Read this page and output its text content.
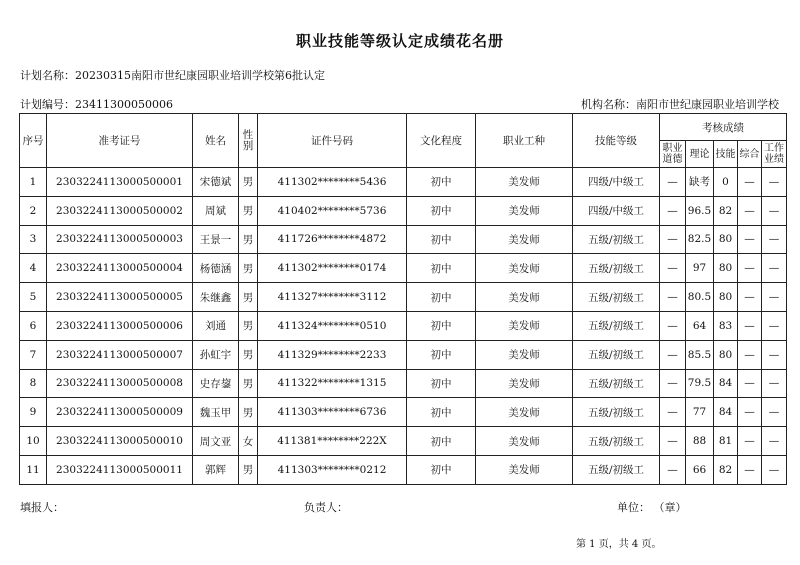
职业技能等级认定成绩花名册
计划名称：20230315南阳市世纪康园职业培训学校第6批认定
计划编号：23411300050006	机构名称：南阳市世纪康园职业培训学校
序号	准考证号	姓名	性别	证件号码	文化程度	职业工种	技能等级	考核成绩				
								职业道德	理论	技能	综合	工作业绩
1	2303224113000500001	宋德斌	男	411302********5436	初中	美发师	四级/中级工	—	缺考	0	—	—
2	2303224113000500002	周斌	男	410402********5736	初中	美发师	四级/中级工	—	96.5	82	—	—
3	2303224113000500003	王景一	男	411726********4872	初中	美发师	五级/初级工	—	82.5	80	—	—
4	2303224113000500004	杨德涵	男	411302********0174	初中	美发师	五级/初级工	—	97	80	—	—
5	2303224113000500005	朱继鑫	男	411327********3112	初中	美发师	五级/初级工	—	80.5	80	—	—
6	2303224113000500006	刘通	男	411324********0510	初中	美发师	五级/初级工	—	64	83	—	—
7	2303224113000500007	孙虹宇	男	411329********2233	初中	美发师	五级/初级工	—	85.5	80	—	—
8	2303224113000500008	史存鋆	男	411322********1315	初中	美发师	五级/初级工	—	79.5	84	—	—
9	2303224113000500009	魏玉甲	男	411303********6736	初中	美发师	五级/初级工	—	77	84	—	—
10	2303224113000500010	周文亚	女	411381********222X	初中	美发师	五级/初级工	—	88	81	—	—
11	2303224113000500011	郭辉	男	411303********0212	初中	美发师	五级/初级工	—	66	82	—	—
填报人：	负责人：	单位： （章）
第 1 页，共 4 页。
